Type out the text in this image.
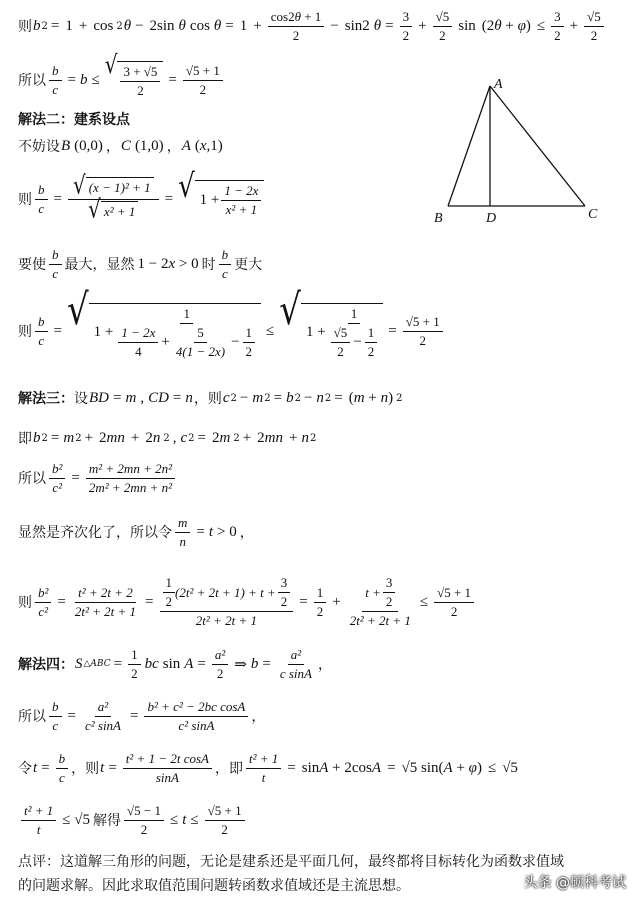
则 b 2 = 1 + cos 2 θ − 2sin θ $\cos \theta = 1 + \frac{\cos 2\theta + 1}{2} - \sin 2$ $\theta = \frac{3}{2} + \frac{√5}{2}$ $\sin (2\theta + \varphi) \le \frac{3}{2} + \frac{√5}{2}$
所以 $\frac{b}{c} = b$ ≤
√ $\frac{3 + √5}{2} = \frac{√5 + 1}{2}$
解法二：建系设点
不妨设 B (0,0) ， C (1,0) ， A (x,1)
A
B	D	C
则 $\frac{b}{c} = \frac{\text{√ (x − 1)² + 1}}{\text{√ x² + 1}}$ = √ $1 + \frac{1 - 2x}{\text{x² + 1}}$
要使 $\frac{b}{c}$ 最大，显然 1 − 2x > 0 时 $\frac{b}{c}$ 更大
则 $\frac{b}{c}$ = √ 1 +
1
$\frac{1 - 2x}{4} + \frac{5}{4(1 - 2x)} - \frac{1}{2}$ ≤ √ $1 + \frac{1}{\frac{√5}{2} - \frac{1}{2}} = \frac{√5 + 1}{2}$
解法三： 设 BD = m , CD = n ，则 c 2 − m 2 = b 2 − n 2 = (m + n) 2
即 b 2 = m 2 + 2mn + 2n 2 , c 2 = 2m 2 + 2mn + n 2
所以 $\frac{\text{b²}}{\text{c²}} = \frac{\text{m² + 2mn + 2n²}}{\text{2m² + 2mn + n²}}$
显然是齐次化了，所以令 $\frac{m}{n} = t > 0$ ，
则 $\frac{\text{b²}}{\text{c²}} = \frac{\text{t² + 2t + 2}}{\text{2t² + 2t + 1}} = \frac{\frac{1}{2} (2t^2 + 2t + 1) + t + \frac{3}{2}}{\text{2t² + 2t + 1}} = \frac{1}{2} + \frac{t + \frac{3}{2}}{\text{2t² + 2t + 1}} \le \frac{√5 + 1}{2}$
解法四： S △ABC = $\frac{1}{2}$ bc $\sin A = \frac{\text{a²}}{2}$ ⇒ $b = \frac{\text{a²}}{\text{c sinA}}$ ，
所以 $\frac{b}{c} = \frac{\text{a²}}{\text{c² sinA}} = \frac{\text{b² + c² − 2bc cosA}}{\text{c² sinA}}$ ，
令 $t = \frac{b}{c}$ ，则 $t = \frac{\text{t² + 1 − 2t cosA}}{\sin A}$ ，即 $\frac{\text{t² + 1}}{t} = \sin A + 2\cos A = √5$ sin(A + φ) ≤ √5
$\frac{\text{t² + 1}}{t} \le √5$ 解得 $\frac{√5 - 1}{2} \le t \le \frac{√5 + 1}{2}$
点评：这道解三角形的问题，无论是建系还是平面几何，最终都将目标转化为函数求值域
的问题求解。因此求取值范围问题转函数求值域还是主流思想。	头条 @硕科考试
